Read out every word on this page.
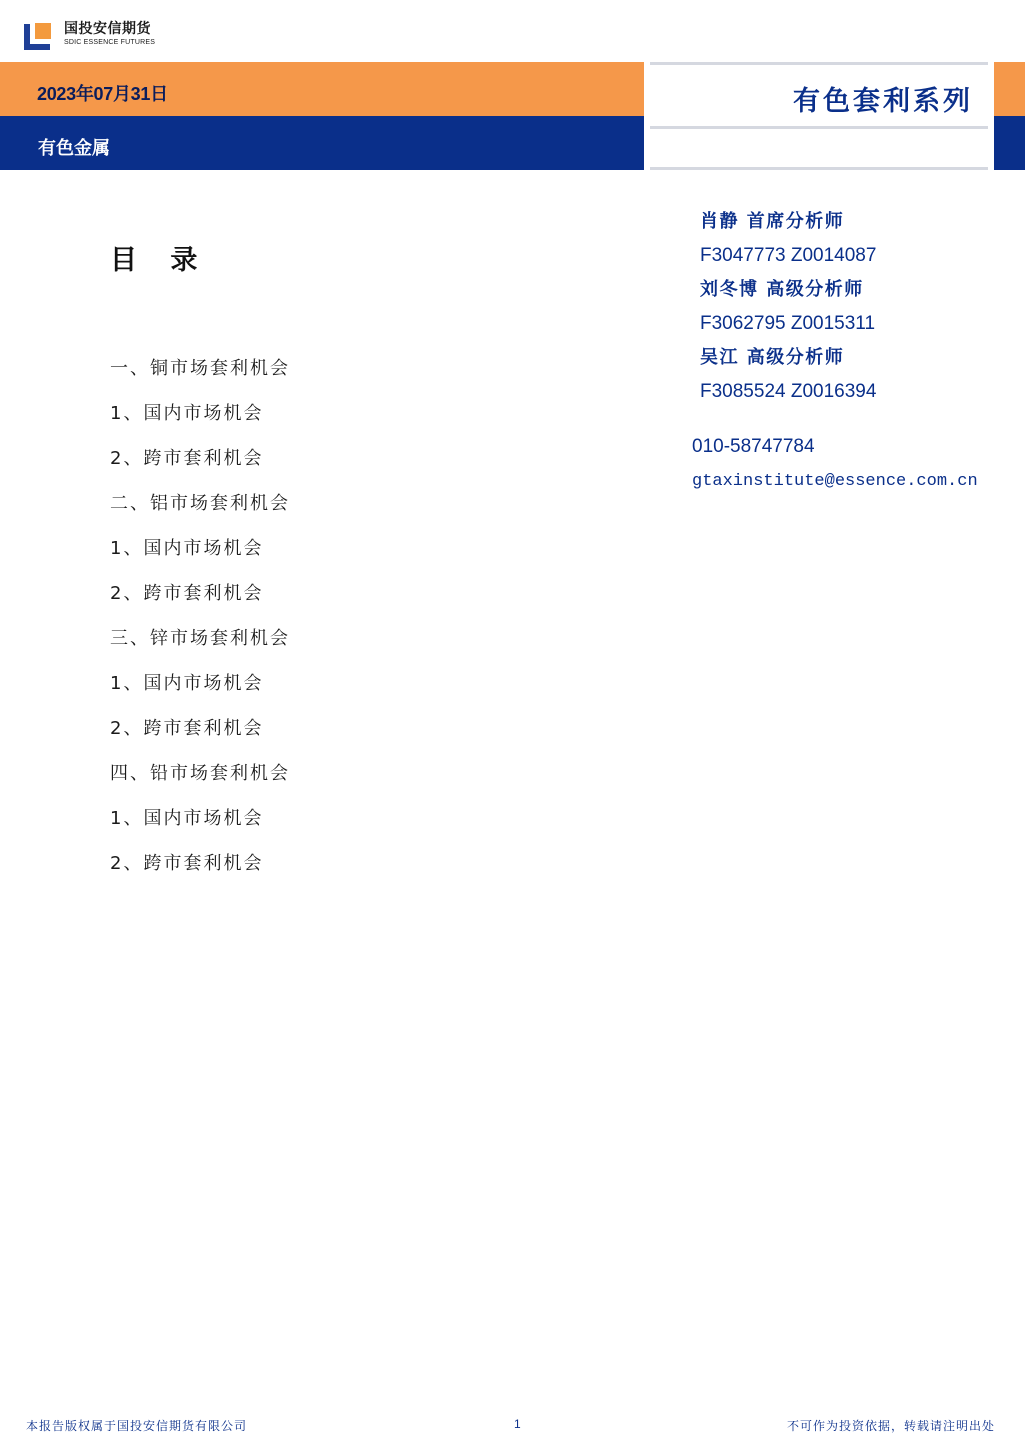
国投安信期货
SDIC ESSENCE FUTURES
2023年07月31日
有色金属
有色套利系列
目 录
一、铜市场套利机会
1、国内市场机会
2、跨市套利机会
二、铝市场套利机会
1、国内市场机会
2、跨市套利机会
三、锌市场套利机会
1、国内市场机会
2、跨市套利机会
四、铅市场套利机会
1、国内市场机会
2、跨市套利机会
肖静 首席分析师
F3047773 Z0014087
刘冬博 高级分析师
F3062795 Z0015311
吴江 高级分析师
F3085524 Z0016394
010-58747784
gtaxinstitute@essence.com.cn
本报告版权属于国投安信期货有限公司	1	不可作为投资依据，转载请注明出处
